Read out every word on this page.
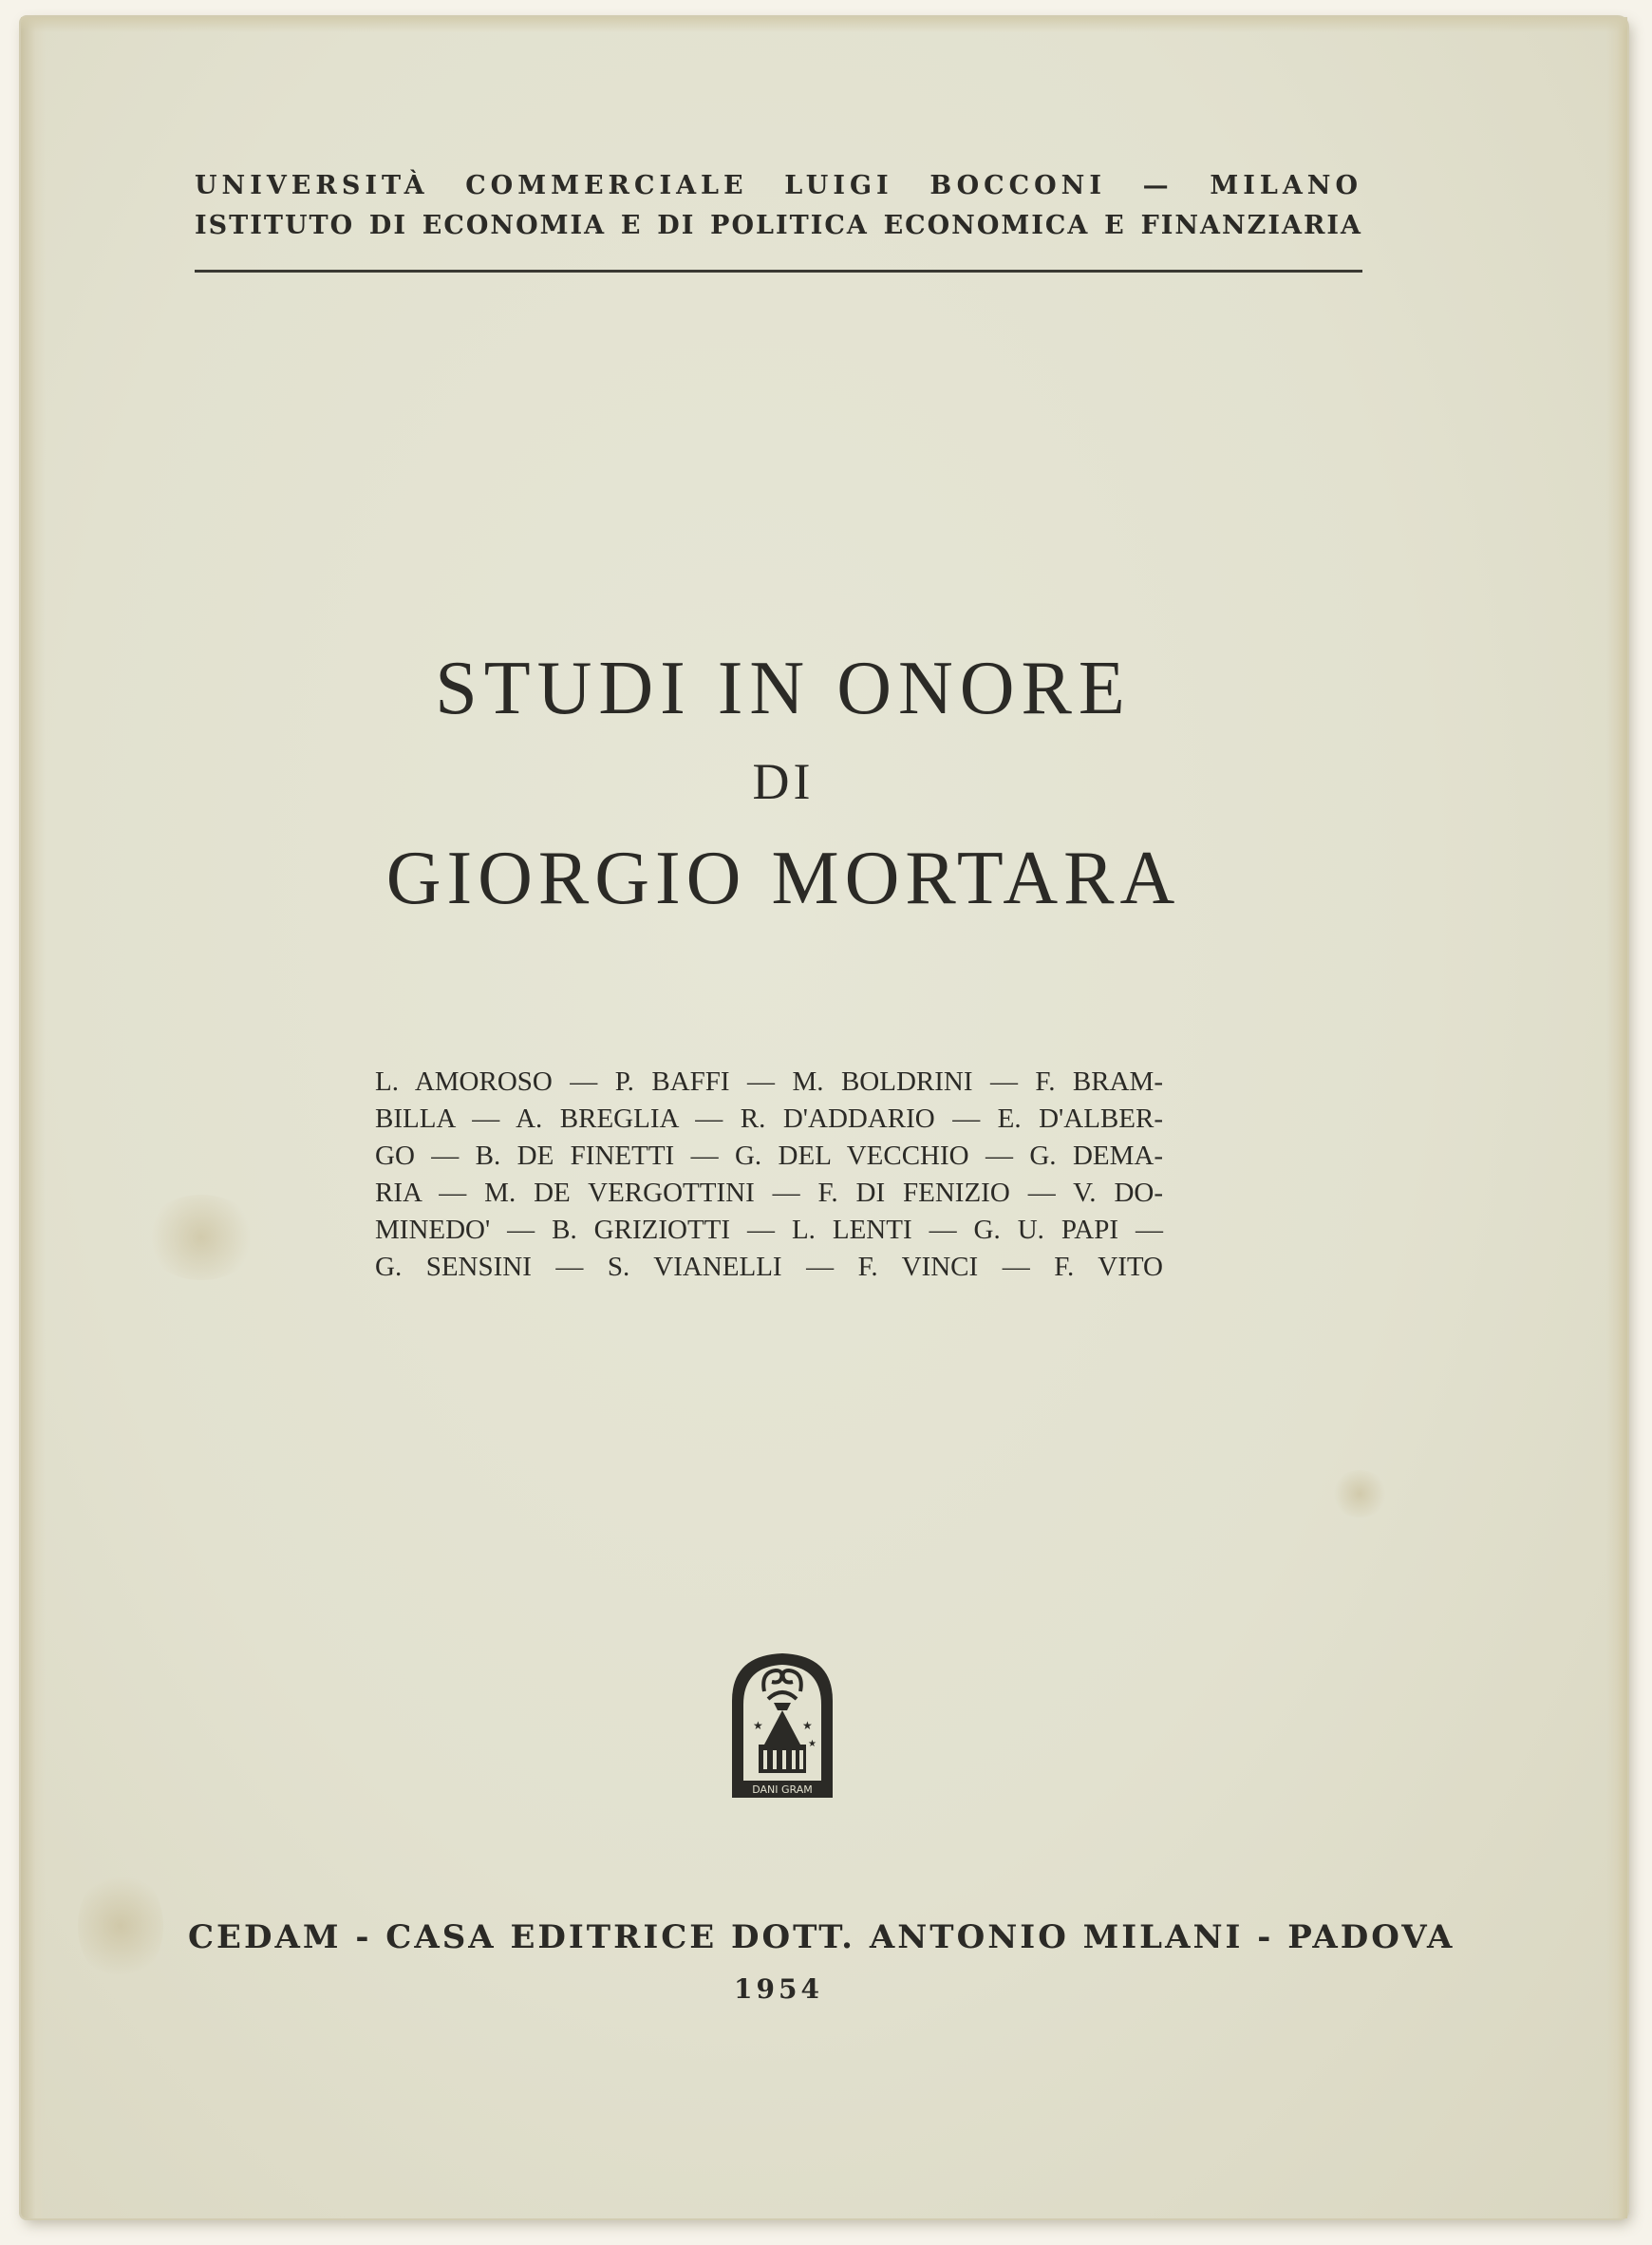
UNIVERSITÀ COMMERCIALE LUIGI BOCCONI — MILANO
ISTITUTO DI ECONOMIA E DI POLITICA ECONOMICA E FINANZIARIA
STUDI IN ONORE
DI
GIORGIO MORTARA
L. AMOROSO — P. BAFFI — M. BOLDRINI — F. BRAM-
BILLA — A. BREGLIA — R. D'ADDARIO — E. D'ALBER-
GO — B. DE FINETTI — G. DEL VECCHIO — G. DEMA-
RIA — M. DE VERGOTTINI — F. DI FENIZIO — V. DO-
MINEDO' — B. GRIZIOTTI — L. LENTI — G. U. PAPI —
G. SENSINI — S. VIANELLI — F. VINCI — F. VITO
★	★
★
DANI GRAM
CEDAM - CASA EDITRICE DOTT. ANTONIO MILANI - PADOVA
1954
